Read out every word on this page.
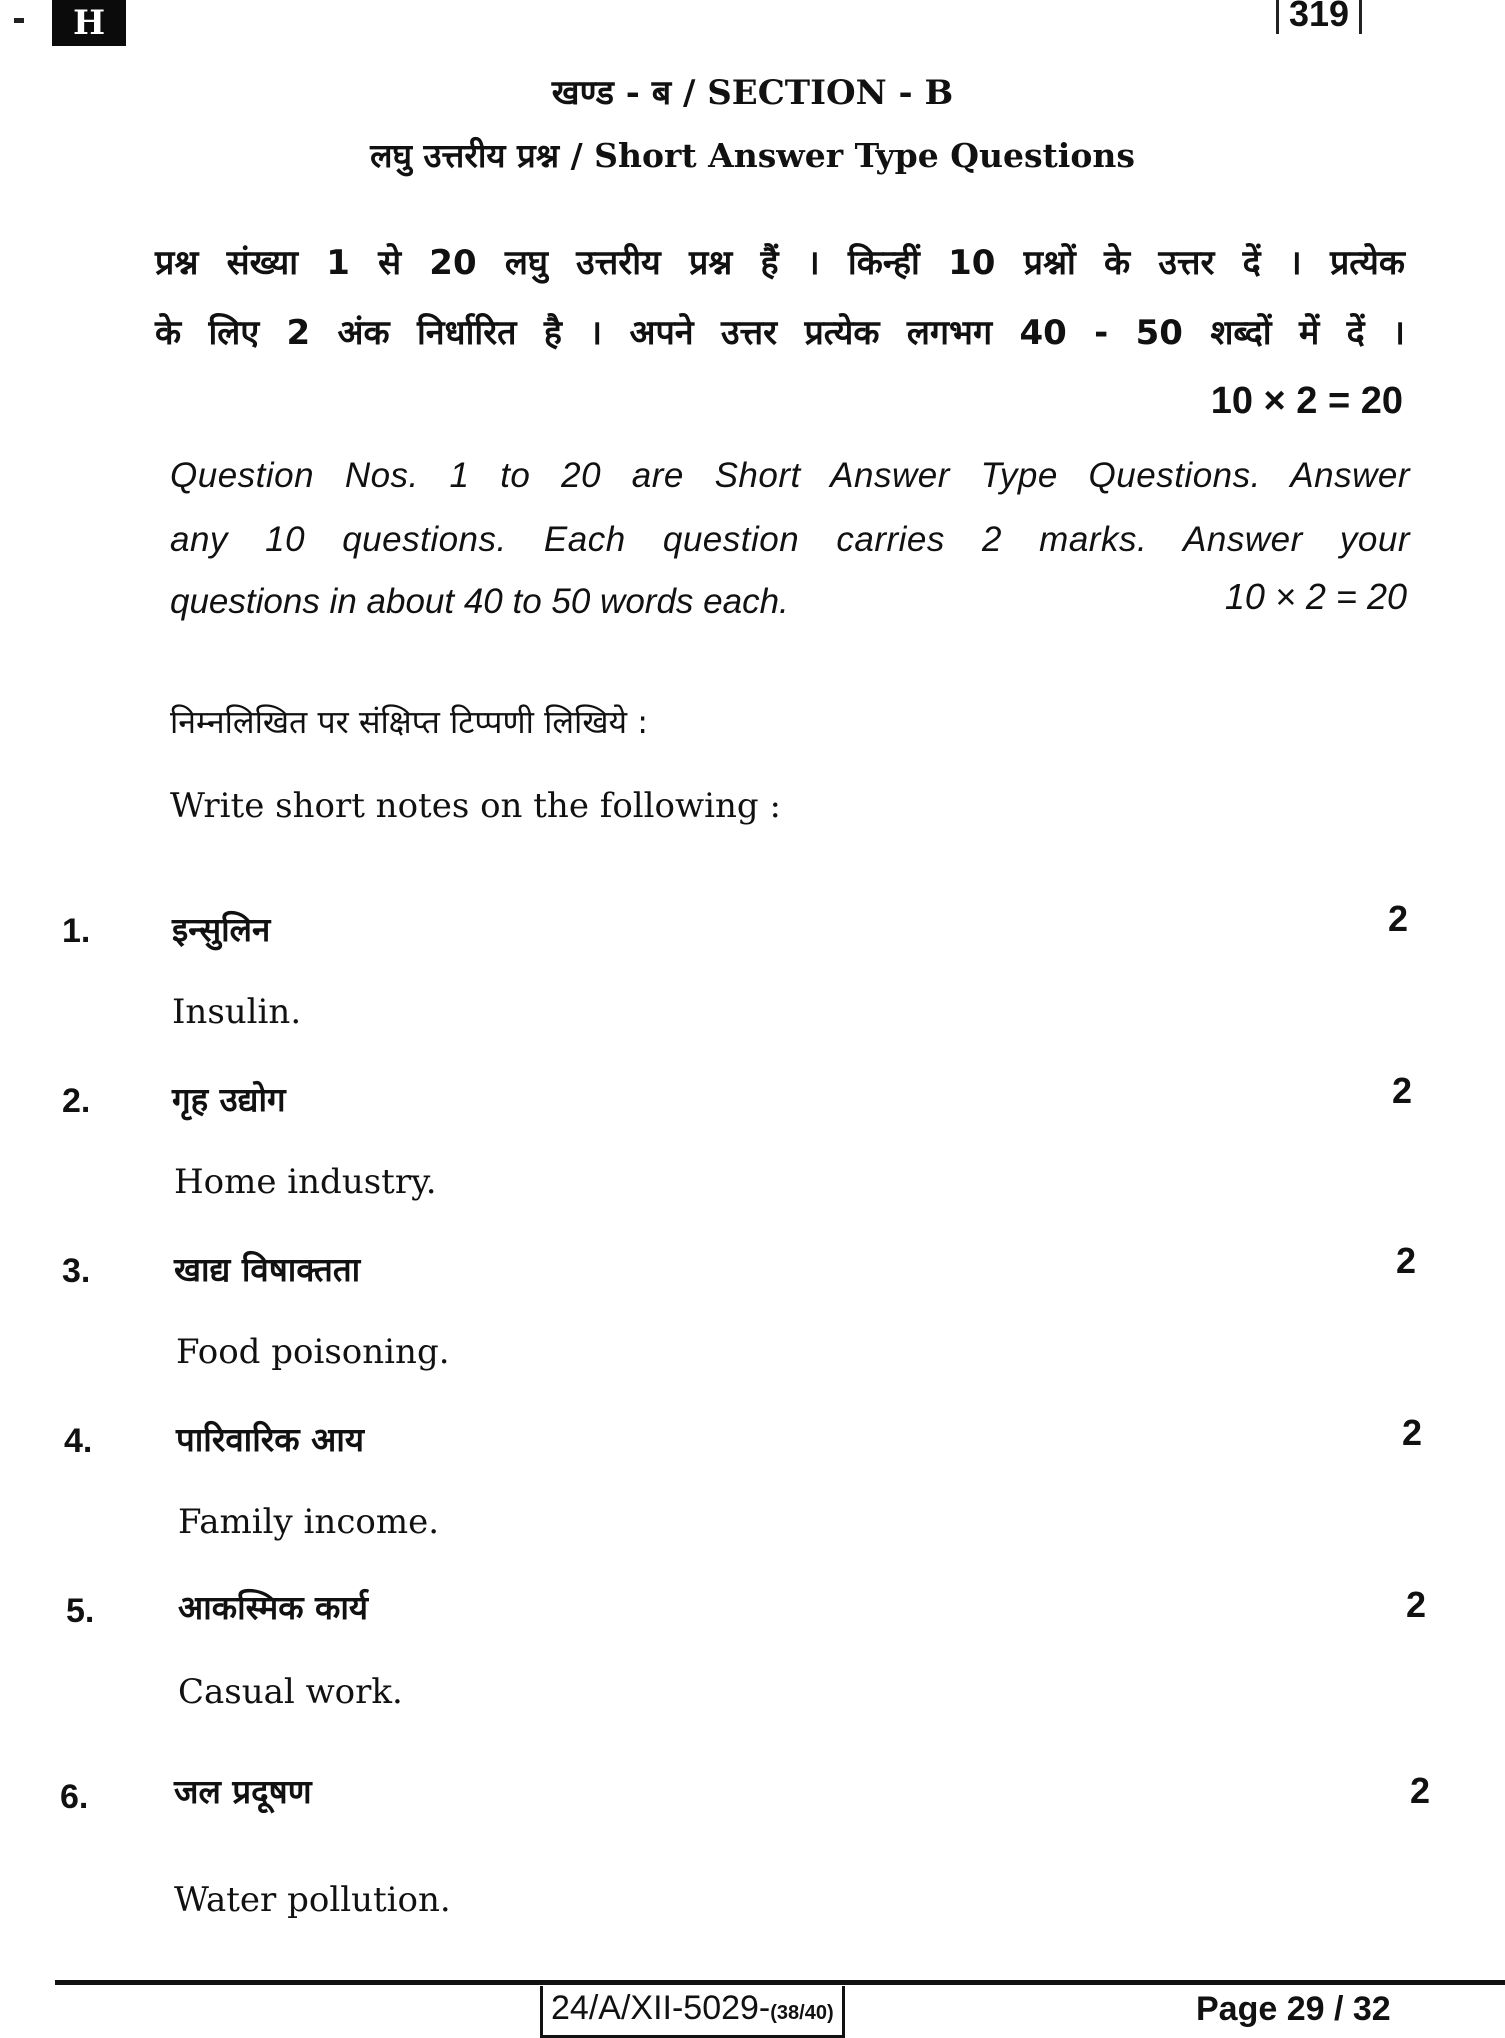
H	319
खण्ड - ब / SECTION - B
लघु उत्तरीय प्रश्न / Short Answer Type Questions
प्रश्न संख्या 1 से 20 लघु उत्तरीय प्रश्न हैं । किन्हीं 10 प्रश्नों के उत्तर दें । प्रत्येक
के लिए 2 अंक निर्धारित है । अपने उत्तर प्रत्येक लगभग 40 - 50 शब्दों में दें ।
10 × 2 = 20
Question Nos. 1 to 20 are Short Answer Type Questions. Answer
any 10 questions. Each question carries 2 marks. Answer your
questions in about 40 to 50 words each.	10 × 2 = 20
निम्नलिखित पर संक्षिप्त टिप्पणी लिखिये :
Write short notes on the following :
1. इन्सुलिन	2
Insulin.
2. गृह उद्योग	2
Home industry.
3.	खाद्य विषाक्तता	2
Food poisoning.
4.	पारिवारिक आय	2
Family income.
5.	आकस्मिक कार्य	2
Casual work.
6.	जल प्रदूषण	2
Water pollution.
24/A/XII-5029-(38/40)	Page 29 / 32
